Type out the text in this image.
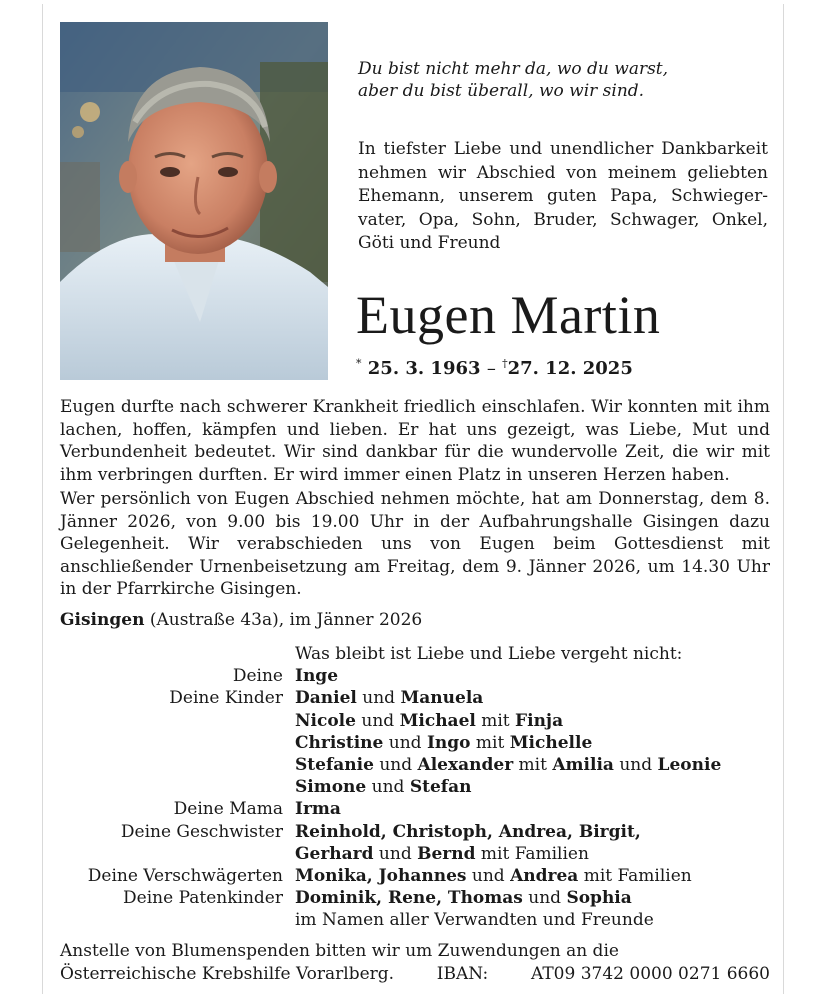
Du bist nicht mehr da, wo du warst,
aber du bist überall, wo wir sind.
In tiefster Liebe und unendlicher Dankbarkeit nehmen wir Abschied von meinem geliebten Ehemann, unserem guten Papa, Schwieger-vater, Opa, Sohn, Bruder, Schwager, Onkel, Göti und Freund
Eugen Martin
* 25. 3. 1963 – †27. 12. 2025
Eugen durfte nach schwerer Krankheit friedlich einschlafen. Wir konnten mit ihm lachen, hoffen, kämpfen und lieben. Er hat uns gezeigt, was Liebe, Mut und Verbundenheit bedeutet. Wir sind dankbar für die wundervolle Zeit, die wir mit ihm verbringen durften. Er wird immer einen Platz in unseren Herzen haben.
Wer persönlich von Eugen Abschied nehmen möchte, hat am Donnerstag, dem 8. Jänner 2026, von 9.00 bis 19.00 Uhr in der Aufbahrungshalle Gisingen dazu Gelegenheit. Wir verabschieden uns von Eugen beim Gottesdienst mit anschließender Urnenbeisetzung am Freitag, dem 9. Jänner 2026, um 14.30 Uhr in der Pfarrkirche Gisingen.
Gisingen (Austraße 43a), im Jänner 2026
Was bleibt ist Liebe und Liebe vergeht nicht:
Deine Inge
Deine Kinder Daniel und Manuela
Nicole und Michael mit Finja
Christine und Ingo mit Michelle
Stefanie und Alexander mit Amilia und Leonie
Simone und Stefan
Deine Mama Irma
Deine Geschwister Reinhold, Christoph, Andrea, Birgit,
Gerhard und Bernd mit Familien
Deine Verschwägerten Monika, Johannes und Andrea mit Familien
Deine Patenkinder Dominik, Rene, Thomas und Sophia
im Namen aller Verwandten und Freunde
Anstelle von Blumenspenden bitten wir um Zuwendungen an die
Österreichische Krebshilfe Vorarlberg.	IBAN:	AT09 3742 0000 0271 6660
